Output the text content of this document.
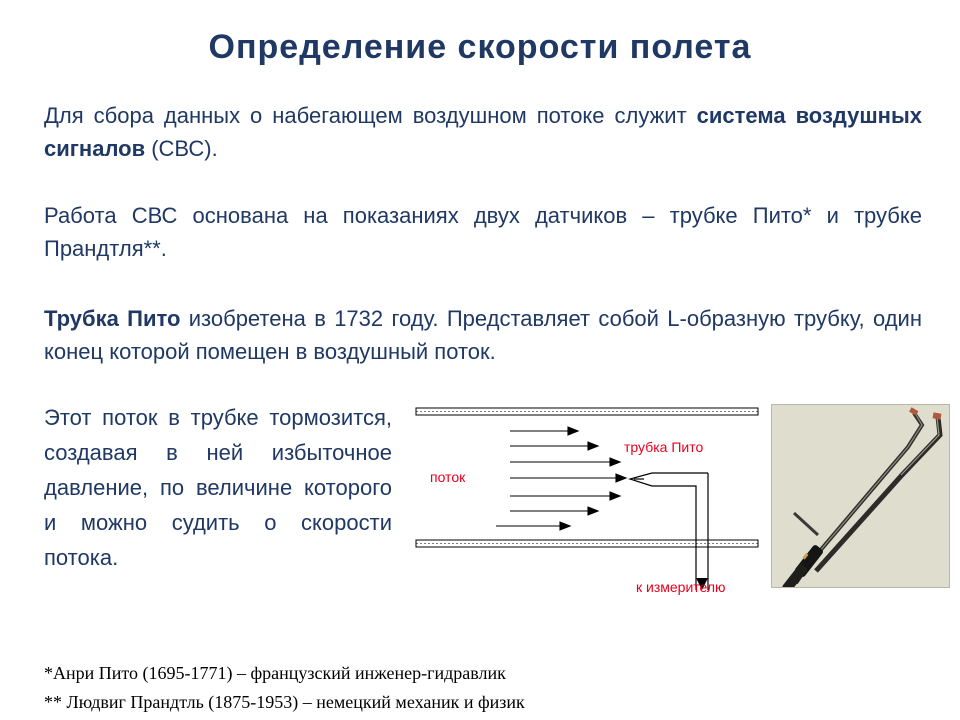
Определение скорости полета
Для сбора данных о набегающем воздушном потоке служит система воздушных сигналов (СВС).
Работа СВС основана на показаниях двух датчиков – трубке Пито* и трубке Прандтля**.
Трубка Пито изобретена в 1732 году. Представляет собой L-образную трубку, один конец которой помещен в воздушный поток.
Этот поток в трубке тормозится, создавая в ней избыточное давление, по величине которого и можно судить о скорости потока.
трубка Пито
поток
к измерителю
*Анри Пито (1695-1771) – французский инженер-гидравлик
** Людвиг Прандтль (1875-1953) – немецкий механик и физик
